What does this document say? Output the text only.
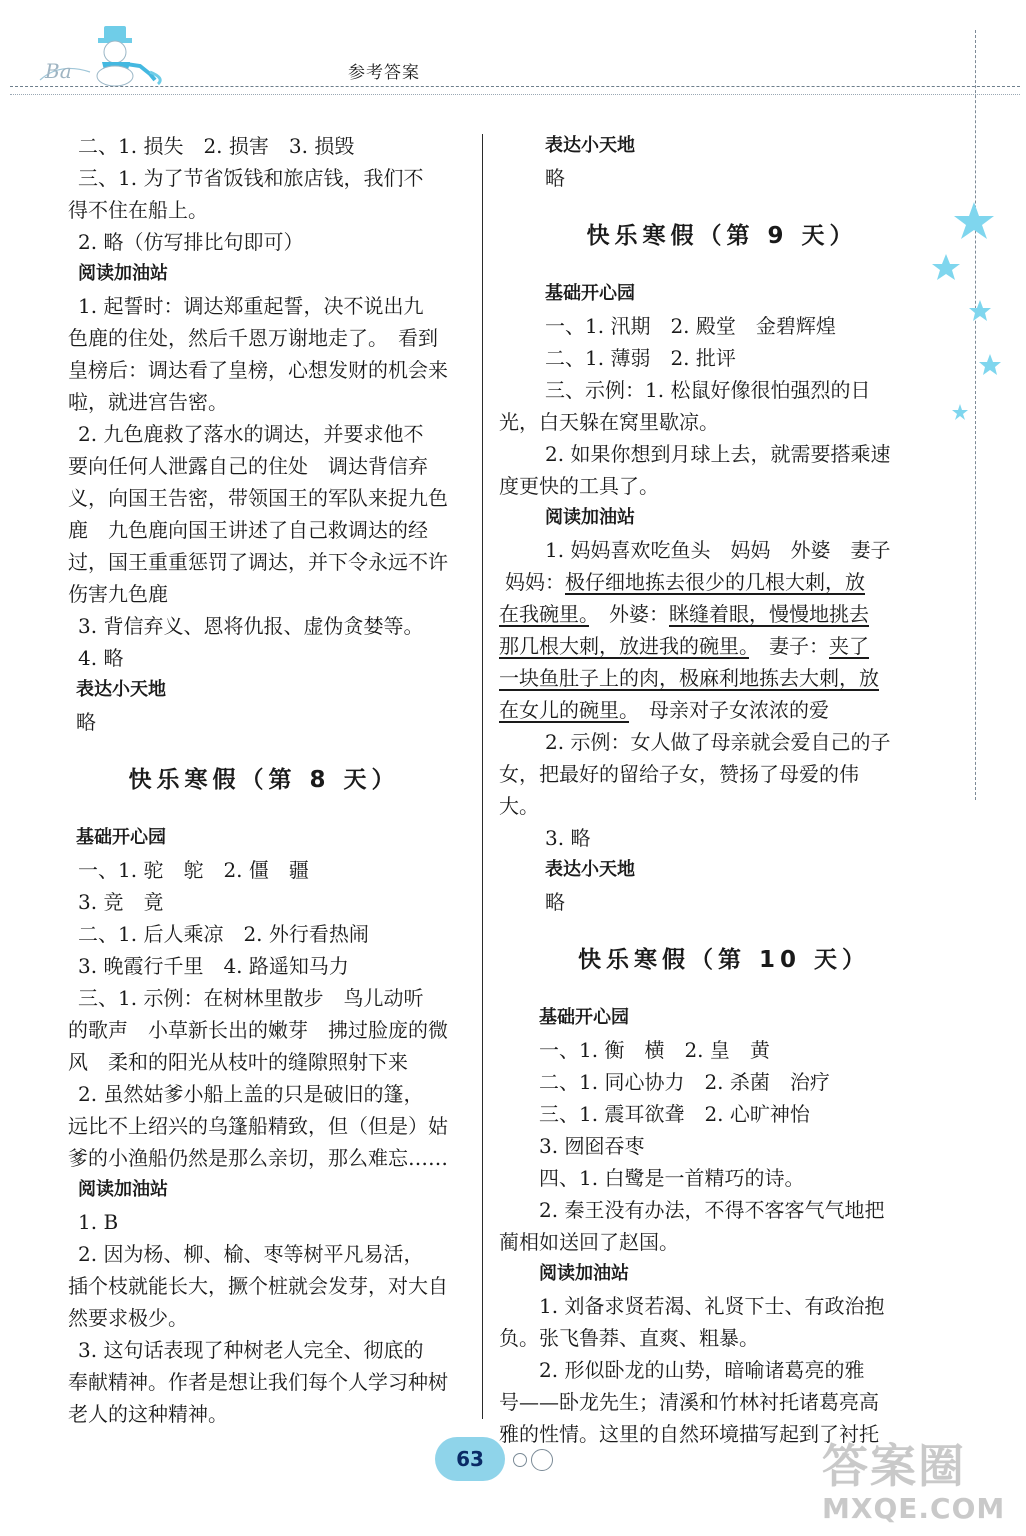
Ba	参考答案
二、1. 损失　2. 损害　3. 损毁
三、1. 为了节省饭钱和旅店钱，我们不
得不住在船上。
2. 略（仿写排比句即可）
阅读加油站
1. 起誓时：调达郑重起誓，决不说出九
色鹿的住处，然后千恩万谢地走了。　看到
皇榜后：调达看了皇榜，心想发财的机会来
啦，就进宫告密。
2. 九色鹿救了落水的调达，并要求他不
要向任何人泄露自己的住处　调达背信弃
义，向国王告密，带领国王的军队来捉九色
鹿　九色鹿向国王讲述了自己救调达的经
过，国王重重惩罚了调达，并下令永远不许
伤害九色鹿
3. 背信弃义、恩将仇报、虚伪贪婪等。
4. 略
表达小天地
略
快乐寒假（第 8 天）
基础开心园
一、1. 驼　鸵　2. 僵　疆
3. 竞　竟
二、1. 后人乘凉　2. 外行看热闹
3. 晚霞行千里　4. 路遥知马力
三、1. 示例：在树林里散步　鸟儿动听
的歌声　小草新长出的嫩芽　拂过脸庞的微
风　柔和的阳光从枝叶的缝隙照射下来
2. 虽然姑爹小船上盖的只是破旧的篷，
远比不上绍兴的乌篷船精致，但（但是）姑
爹的小渔船仍然是那么亲切，那么难忘……
阅读加油站
1. B
2. 因为杨、柳、榆、枣等树平凡易活，
插个枝就能长大，撅个桩就会发芽，对大自
然要求极少。
3. 这句话表现了种树老人完全、彻底的
奉献精神。作者是想让我们每个人学习种树
老人的这种精神。
表达小天地
略
快乐寒假（第 9 天）
基础开心园
一、1. 汛期　2. 殿堂　金碧辉煌
二、1. 薄弱　2. 批评
三、示例：1. 松鼠好像很怕强烈的日
光，白天躲在窝里歇凉。
2. 如果你想到月球上去，就需要搭乘速
度更快的工具了。
阅读加油站
1. 妈妈喜欢吃鱼头　妈妈　外婆　妻子
妈妈：极仔细地拣去很少的几根大刺，放
在我碗里。　外婆：眯缝着眼，慢慢地挑去
那几根大刺，放进我的碗里。　妻子：夹了
一块鱼肚子上的肉，极麻利地拣去大刺，放
在女儿的碗里。　母亲对子女浓浓的爱
2. 示例：女人做了母亲就会爱自己的子
女，把最好的留给子女，赞扬了母爱的伟
大。
3. 略
表达小天地
略
快乐寒假（第 10 天）
基础开心园
一、1. 衡　横　2. 皇　黄
二、1. 同心协力　2. 杀菌　治疗
三、1. 震耳欲聋　2. 心旷神怡
3. 囫囵吞枣
四、1. 白鹭是一首精巧的诗。
2. 秦王没有办法，不得不客客气气地把
蔺相如送回了赵国。
阅读加油站
1. 刘备求贤若渴、礼贤下士、有政治抱
负。张飞鲁莽、直爽、粗暴。
2. 形似卧龙的山势，暗喻诸葛亮的雅
号——卧龙先生；清溪和竹林衬托诸葛亮高
雅的性情。这里的自然环境描写起到了衬托
63	答案圈
MXQE.COM
